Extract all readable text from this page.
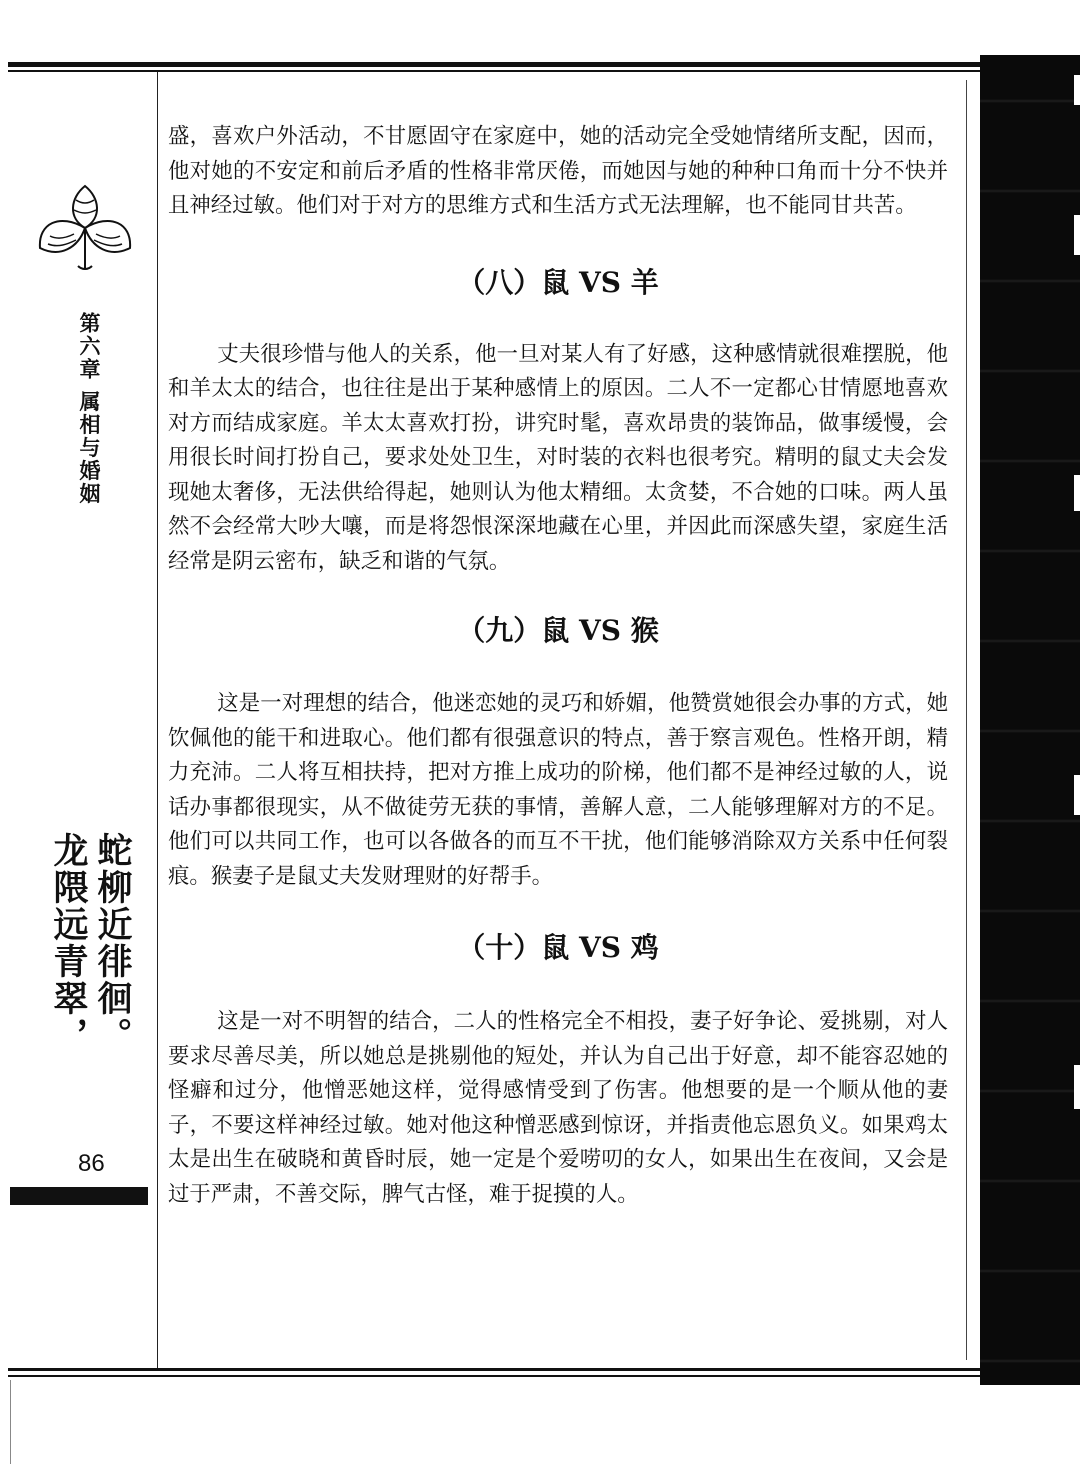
第六章 属相与婚姻
蛇柳近徘徊。
龙隈远青翠，
86

盛，喜欢户外活动，不甘愿固守在家庭中，她的活动完全受她情绪所支配，因而，他对她的不安定和前后矛盾的性格非常厌倦，而她因与她的种种口角而十分不快并且神经过敏。他们对于对方的思维方式和生活方式无法理解，也不能同甘共苦。

（八）鼠 VS 羊

丈夫很珍惜与他人的关系，他一旦对某人有了好感，这种感情就很难摆脱，他和羊太太的结合，也往往是出于某种感情上的原因。二人不一定都心甘情愿地喜欢对方而结成家庭。羊太太喜欢打扮，讲究时髦，喜欢昂贵的装饰品，做事缓慢，会用很长时间打扮自己，要求处处卫生，对时装的衣料也很考究。精明的鼠丈夫会发现她太奢侈，无法供给得起，她则认为他太精细。太贪婪，不合她的口味。两人虽然不会经常大吵大嚷，而是将怨恨深深地藏在心里，并因此而深感失望，家庭生活经常是阴云密布，缺乏和谐的气氛。

（九）鼠 VS 猴

这是一对理想的结合，他迷恋她的灵巧和娇媚，他赞赏她很会办事的方式，她饮佩他的能干和进取心。他们都有很强意识的特点，善于察言观色。性格开朗，精力充沛。二人将互相扶持，把对方推上成功的阶梯，他们都不是神经过敏的人，说话办事都很现实，从不做徒劳无获的事情，善解人意，二人能够理解对方的不足。他们可以共同工作，也可以各做各的而互不干扰，他们能够消除双方关系中任何裂痕。猴妻子是鼠丈夫发财理财的好帮手。

（十）鼠 VS 鸡

这是一对不明智的结合，二人的性格完全不相投，妻子好争论、爱挑剔，对人要求尽善尽美，所以她总是挑剔他的短处，并认为自己出于好意，却不能容忍她的怪癖和过分，他憎恶她这样，觉得感情受到了伤害。他想要的是一个顺从他的妻子，不要这样神经过敏。她对他这种憎恶感到惊讶，并指责他忘恩负义。如果鸡太太是出生在破晓和黄昏时辰，她一定是个爱唠叨的女人，如果出生在夜间，又会是过于严肃，不善交际，脾气古怪，难于捉摸的人。
